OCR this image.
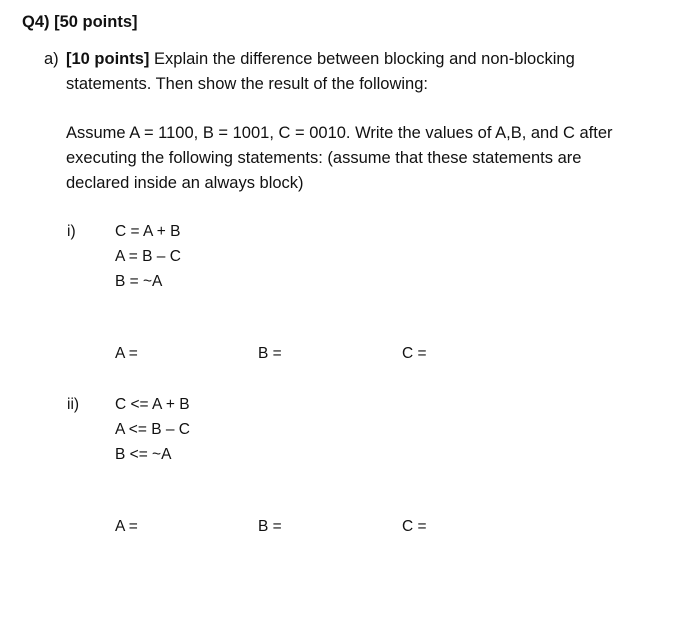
Q4) [50 points]
a) [10 points] Explain the difference between blocking and non-blocking
statements. Then show the result of the following:
Assume A = 1100, B = 1001, C = 0010. Write the values of A,B, and C after
executing the following statements: (assume that these statements are
declared inside an always block)
i)	C = A + B
A = B – C
B = ~A
A =	B =	C =
ii) C <= A + B
A <= B – C
B <= ~A
A =	B =	C =
